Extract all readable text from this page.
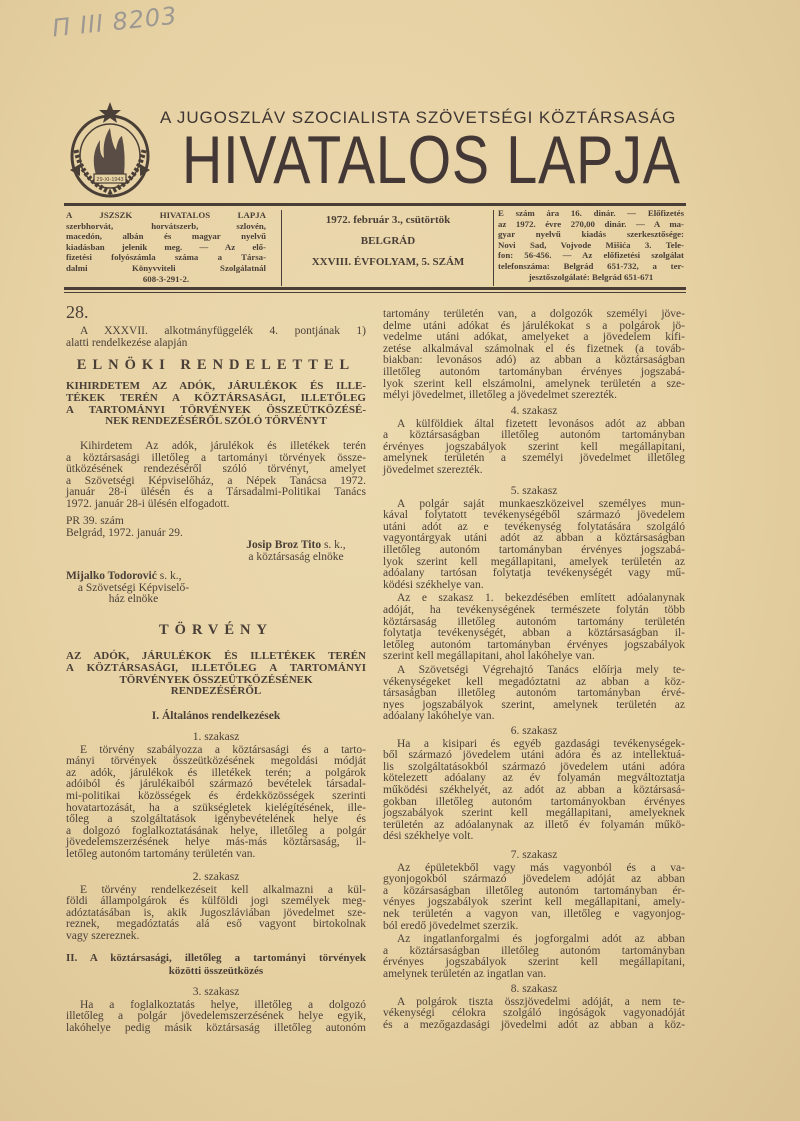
Π III 8203
29-XI-1943
A JUGOSZLÁV SZOCIALISTA SZÖVETSÉGI KÖZTÁRSASÁG
HIVATALOS LAPJA
A JSZSZK HIVATALOS LAPJA
szerbhorvát, horvátszerb, szlovén,
macedón, albán és magyar nyelvű
kiadásban jelenik meg. — Az elő-
fizetési folyószámla száma a Társa-
dalmi Könyvviteli Szolgálatnál
608-3-291-2.
1972. február 3., csütörtök
BELGRÁD
XXVIII. ÉVFOLYAM, 5. SZÁM
E szám ára 16. dinár. — Előfizetés
az 1972. évre 270,00 dinár. — A ma-
gyar nyelvű kiadás szerkesztősége:
Novi Sad, Vojvode Mišića 3. Tele-
fon: 56-456. — Az előfizetési szolgálat
telefonszáma: Belgrád 651-732, a ter-
jesztőszolgálaté: Belgrád 651-671
28.
A XXXVII. alkotmányfüggelék 4. pontjának 1)
alatti rendelkezése alapján
ELNÖKI RENDELETTEL
KIHIRDETEM AZ ADÓK, JÁRULÉKOK ÉS ILLE-
TÉKEK TERÉN A KÖZTÁRSASÁGI, ILLETŐLEG
A TARTOMÁNYI TÖRVÉNYEK ÖSSZEÜTKÖZÉSÉ-
NEK RENDEZÉSÉRŐL SZÓLÓ TÖRVÉNYT
Kihirdetem Az adók, járulékok és illetékek terén
a köztársasági illetőleg a tartományi törvények össze-
ütközésének rendezéséről szóló törvényt, amelyet
a Szövetségi Képviselőház, a Népek Tanácsa 1972.
január 28-i ülésén és a Társadalmi-Politikai Tanács
1972. január 28-i ülésén elfogadott.
PR 39. szám
Belgrád, 1972. január 29.
Josip Broz Tito s. k.,
a köztársaság elnöke
Mijalko Todorović s. k.,
a Szövetségi Képviselő-
ház elnöke
TÖRVÉNY
AZ ADÓK, JÁRULÉKOK ÉS ILLETÉKEK TERÉN
A KÖZTÁRSASÁGI, ILLETŐLEG A TARTOMÁNYI
TÖRVÉNYEK ÖSSZEÜTKÖZÉSÉNEK
RENDEZÉSÉRŐL
I. Általános rendelkezések
1. szakasz
E törvény szabályozza a köztársasági és a tarto-
mányi törvények összeütközésének megoldási módját
az adók, járulékok és illetékek terén; a polgárok
adóiból és járulékaiból származó bevételek társadal-
mi-politikai közösségek és érdekközösségek szerinti
hovatartozását, ha a szükségletek kielégítésének, ille-
tőleg a szolgáltatások igénybevételének helye és
a dolgozó foglalkoztatásának helye, illetőleg a polgár
jövedelemszerzésének helye más-más köztársaság, il-
letőleg autonóm tartomány területén van.
2. szakasz
E törvény rendelkezéseit kell alkalmazni a kül-
földi állampolgárok és külföldi jogi személyek meg-
adóztatásában is, akik Jugoszláviában jövedelmet sze-
reznek, megadóztatás alá eső vagyont birtokolnak
vagy szereznek.
II. A köztársasági, illetőleg a tartományi törvények
közötti összeütközés
3. szakasz
Ha a foglalkoztatás helye, illetőleg a dolgozó
illetőleg a polgár jövedelemszerzésének helye egyik,
lakóhelye pedig másik köztársaság illetőleg autonóm
tartomány területén van, a dolgozók személyi jöve-
delme utáni adókat és járulékokat s a polgárok jö-
vedelme utáni adókat, amelyeket a jövedelem kifi-
zetése alkalmával számolnak el és fizetnek (a továb-
biakban: levonásos adó) az abban a köztársaságban
illetőleg autonóm tartományban érvényes jogszabá-
lyok szerint kell elszámolni, amelynek területén a sze-
mélyi jövedelmet, illetőleg a jövedelmet szerezték.
4. szakasz
A külföldiek által fizetett levonásos adót az abban
a köztársaságban illetőleg autonóm tartományban
érvényes jogszabályok szerint kell megállapitani,
amelynek területén a személyi jövedelmet illetőleg
jövedelmet szerezték.
5. szakasz
A polgár saját munkaeszközeivel személyes mun-
kával folytatott tevékenységéből származó jövedelem
utáni adót az e tevékenység folytatására szolgáló
vagyontárgyak utáni adót az abban a köztársaságban
illetőleg autonóm tartományban érvényes jogszabá-
lyok szerint kell megállapitani, amelyek területén az
adóalany tartósan folytatja tevékenységét vagy mű-
ködési székhelye van.
Az e szakasz 1. bekezdésében említett adóalanynak
adóját, ha tevékenységének természete folytán több
köztársaság illetőleg autonóm tartomány területén
folytatja tevékenységét, abban a köztársaságban il-
letőleg autonóm tartományban érvényes jogszabályok
szerint kell megállapitani, ahol lakóhelye van.
A Szövetségi Végrehajtó Tanács előírja mely te-
vékenységeket kell megadóztatni az abban a köz-
társaságban illetőleg autonóm tartományban érvé-
nyes jogszabályok szerint, amelynek területén az
adóalany lakóhelye van.
6. szakasz
Ha a kisipari és egyéb gazdasági tevékenységek-
ből származó jövedelem utáni adóra és az intellektuá-
lis szolgáltatásokból származó jövedelem utáni adóra
kötelezett adóalany az év folyamán megváltoztatja
működési székhelyét, az adót az abban a köztársasá-
gokban illetőleg autonóm tartományokban érvényes
jogszabályok szerint kell megállapitani, amelyeknek
területén az adóalanynak az illető év folyamán műkö-
dési székhelye volt.
7. szakasz
Az épületekből vagy más vagyonból és a va-
gyonjogokból származó jövedelem adóját az abban
a közársaságban illetőleg autonóm tartományban ér-
vényes jogszabályok szerint kell megállapitani, amely-
nek területén a vagyon van, illetőleg e vagyonjog-
ból eredő jövedelmet szerzik.
Az ingatlanforgalmi és jogforgalmi adót az abban
a köztársaságban illetőleg autonóm tartományban
érvényes jogszabályok szerint kell megállapitani,
amelynek területén az ingatlan van.
8. szakasz
A polgárok tiszta összjövedelmi adóját, a nem te-
vékenységi célokra szolgáló ingóságok vagyonadóját
és a mezőgazdasági jövedelmi adót az abban a köz-
